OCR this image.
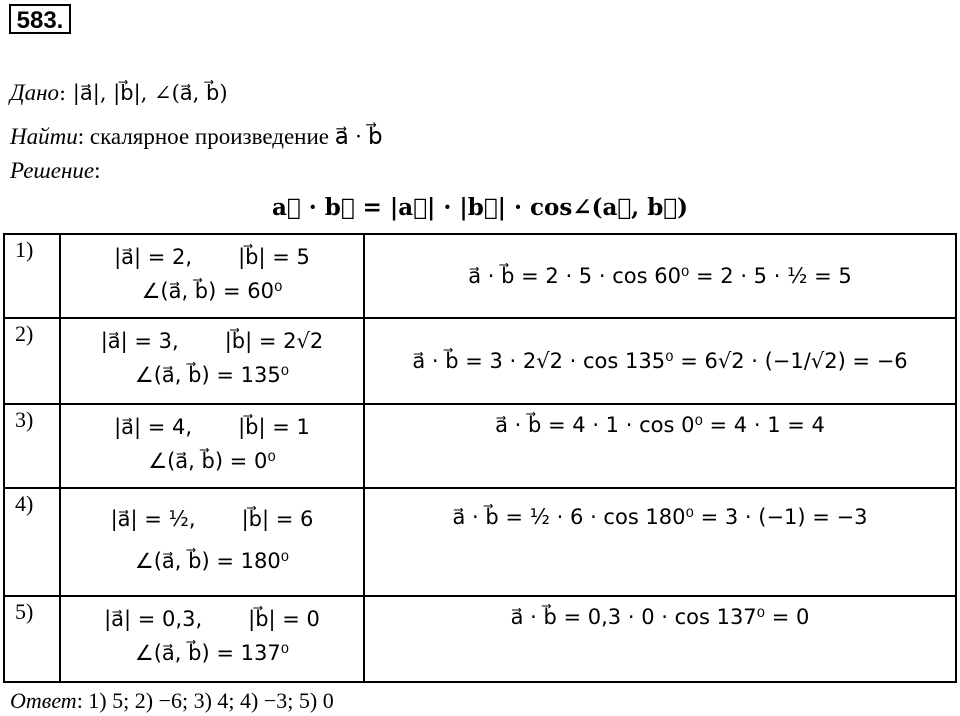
583.
Дано: |a⃗|, |b⃗|, ∠(a⃗, b⃗)
Найти: скалярное произведение a⃗ · b⃗
Решение:
a⃗ · b⃗ = |a⃗| · |b⃗| · cos∠(a⃗, b⃗)
1)	|a⃗| = 2, |b⃗| = 5
∠(a⃗, b⃗) = 60⁰	a⃗ · b⃗ = 2 · 5 · cos 60⁰ = 2 · 5 · ½ = 5
2)	|a⃗| = 3, |b⃗| = 2√2
∠(a⃗, b⃗) = 135⁰	a⃗ · b⃗ = 3 · 2√2 · cos 135⁰ = 6√2 · (−1/√2) = −6
3)	|a⃗| = 4, |b⃗| = 1
∠(a⃗, b⃗) = 0⁰	a⃗ · b⃗ = 4 · 1 · cos 0⁰ = 4 · 1 = 4

4)	|a⃗| = ½, |b⃗| = 6
∠(a⃗, b⃗) = 180⁰	a⃗ · b⃗ = ½ · 6 · cos 180⁰ = 3 · (−1) = −3

5)	|a⃗| = 0,3, |b⃗| = 0
∠(a⃗, b⃗) = 137⁰	a⃗ · b⃗ = 0,3 · 0 · cos 137⁰ = 0
Ответ: 1) 5; 2) −6; 3) 4; 4) −3; 5) 0
